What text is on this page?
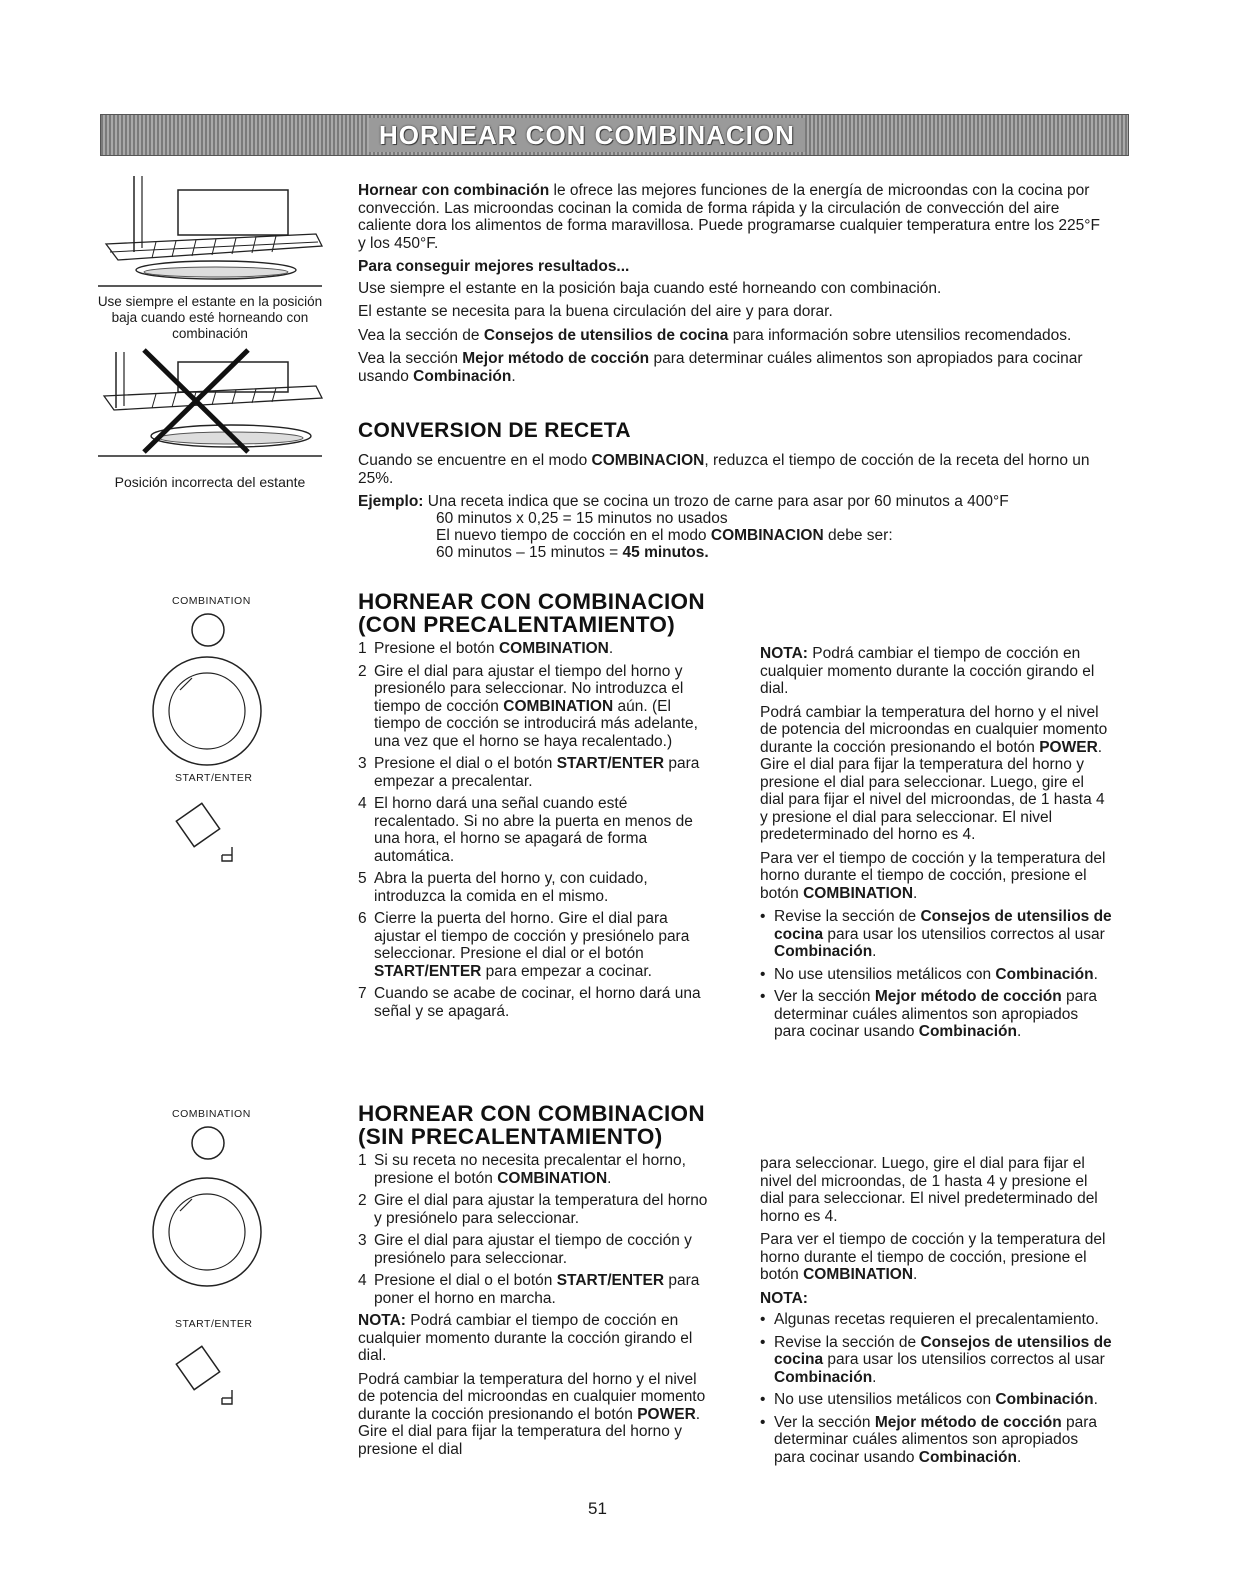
HORNEAR CON COMBINACION
Use siempre el estante en la posición baja cuando esté horneando con combinación
Posición incorrecta del estante
COMBINATION
START/ENTER
COMBINATION
START/ENTER

Hornear con combinación le ofrece las mejores funciones de la energía de microondas con la cocina por convección. Las microondas cocinan la comida de forma rápida y la circulación de convección del aire caliente dora los alimentos de forma maravillosa. Puede programarse cualquier temperatura entre los 225°F y los 450°F.

Para conseguir mejores resultados...

Use siempre el estante en la posición baja cuando esté horneando con combinación.

El estante se necesita para la buena circulación del aire y para dorar.

Vea la sección de Consejos de utensilios de cocina para información sobre utensilios recomendados.

Vea la sección Mejor método de cocción para determinar cuáles alimentos son apropiados para cocinar usando Combinación.

CONVERSION DE RECETA

Cuando se encuentre en el modo COMBINACION, reduzca el tiempo de cocción de la receta del horno un 25%.

Ejemplo: Una receta indica que se cocina un trozo de carne para asar por 60 minutos a 400°F
60 minutos x 0,25 = 15 minutos no usados
El nuevo tiempo de cocción en el modo COMBINACION debe ser:
60 minutos – 15 minutos = 45 minutos.
HORNEAR CON COMBINACION
(CON PRECALENTAMIENTO)
1 Presione el botón COMBINATION.
2 Gire el dial para ajustar el tiempo del horno y presionélo para seleccionar. No introduzca el tiempo de cocción COMBINATION aún. (El tiempo de cocción se introducirá más adelante, una vez que el horno se haya recalentado.)
3 Presione el dial o el botón START/ENTER para empezar a precalentar.
4 El horno dará una señal cuando esté recalentado. Si no abre la puerta en menos de una hora, el horno se apagará de forma automática.
5 Abra la puerta del horno y, con cuidado, introduzca la comida en el mismo.
6 Cierre la puerta del horno. Gire el dial para ajustar el tiempo de cocción y presiónelo para seleccionar. Presione el dial or el botón START/ENTER para empezar a cocinar.
7 Cuando se acabe de cocinar, el horno dará una señal y se apagará.

NOTA: Podrá cambiar el tiempo de cocción en cualquier momento durante la cocción girando el dial.

Podrá cambiar la temperatura del horno y el nivel de potencia del microondas en cualquier momento durante la cocción presionando el botón POWER. Gire el dial para fijar la temperatura del horno y presione el dial para seleccionar. Luego, gire el dial para fijar el nivel del microondas, de 1 hasta 4 y presione el dial para seleccionar. El nivel predeterminado del horno es 4.

Para ver el tiempo de cocción y la temperatura del horno durante el tiempo de cocción, presione el botón COMBINATION.

• Revise la sección de Consejos de utensilios de cocina para usar los utensilios correctos al usar Combinación.
• No use utensilios metálicos con Combinación.
• Ver la sección Mejor método de cocción para determinar cuáles alimentos son apropiados para cocinar usando Combinación.
HORNEAR CON COMBINACION
(SIN PRECALENTAMIENTO)
1 Si su receta no necesita precalentar el horno, presione el botón COMBINATION.
2 Gire el dial para ajustar la temperatura del horno y presiónelo para seleccionar.
3 Gire el dial para ajustar el tiempo de cocción y presiónelo para seleccionar.
4 Presione el dial o el botón START/ENTER para poner el horno en marcha.

NOTA: Podrá cambiar el tiempo de cocción en cualquier momento durante la cocción girando el dial.

Podrá cambiar la temperatura del horno y el nivel de potencia del microondas en cualquier momento durante la cocción presionando el botón POWER. Gire el dial para fijar la temperatura del horno y presione el dial

para seleccionar. Luego, gire el dial para fijar el nivel del microondas, de 1 hasta 4 y presione el dial para seleccionar. El nivel predeterminado del horno es 4.

Para ver el tiempo de cocción y la temperatura del horno durante el tiempo de cocción, presione el botón COMBINATION.

NOTA:

• Algunas recetas requieren el precalentamiento.
• Revise la sección de Consejos de utensilios de cocina para usar los utensilios correctos al usar Combinación.
• No use utensilios metálicos con Combinación.
• Ver la sección Mejor método de cocción para determinar cuáles alimentos son apropiados para cocinar usando Combinación.
51
